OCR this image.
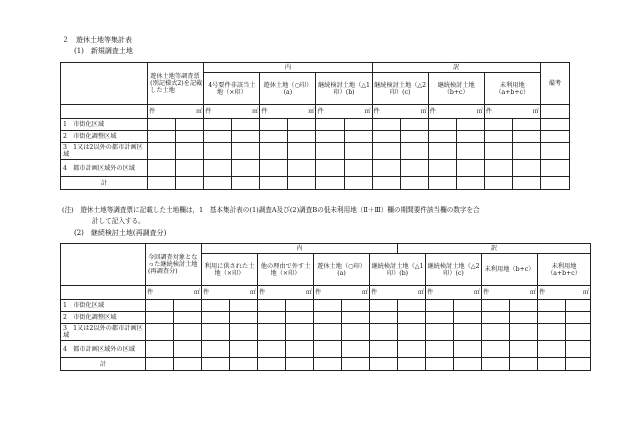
２　遊休土地等集計表
(1)　新規調査土地
	遊休土地等調査票(別記様式2)を記載した土地		内						訳						備考
			4号要件非該当土地（×印）		遊休土地（○印）(a)		継続検討土地（△1印）(b)		継続検討土地（△2印）(c)		継続検討土地（b+c）		未利用地（a+b+c）		

	件 ㎡		件 ㎡		件 ㎡		件 ㎡		件 ㎡		件 ㎡		件 ㎡		

1　市街化区域															
2　市街化調整区域															
3　1又は2以外の都市計画区域															
4　都市計画区域外の区域															
計															
(注)　遊休土地等調査票に記載した土地欄は，1　基本集計表の(1)調査A及び(2)調査Bの低未利用地（Ⅱ＋Ⅲ）欄の期間要件該当欄の数字を合
計して記入する。
(2)　継続検討土地(再調査分)
	今回調査対象となった継続検討土地(再調査分)		内							訳						
			利用に供された土地（×印）		他の理由で外す土地（×印）		遊休土地（○印）(a)		継続検討土地（△1印）(b)		継続検討土地（△2印）(c)		未利用地（b+c）		未利用地（a+b+c）	

	件 ㎡		件 ㎡		件 ㎡		件 ㎡		件 ㎡		件 ㎡		件 ㎡		件 ㎡	

1　市街化区域																
2　市街化調整区域																
3　1又は2以外の都市計画区域																
4　都市計画区域外の区域																
計																
